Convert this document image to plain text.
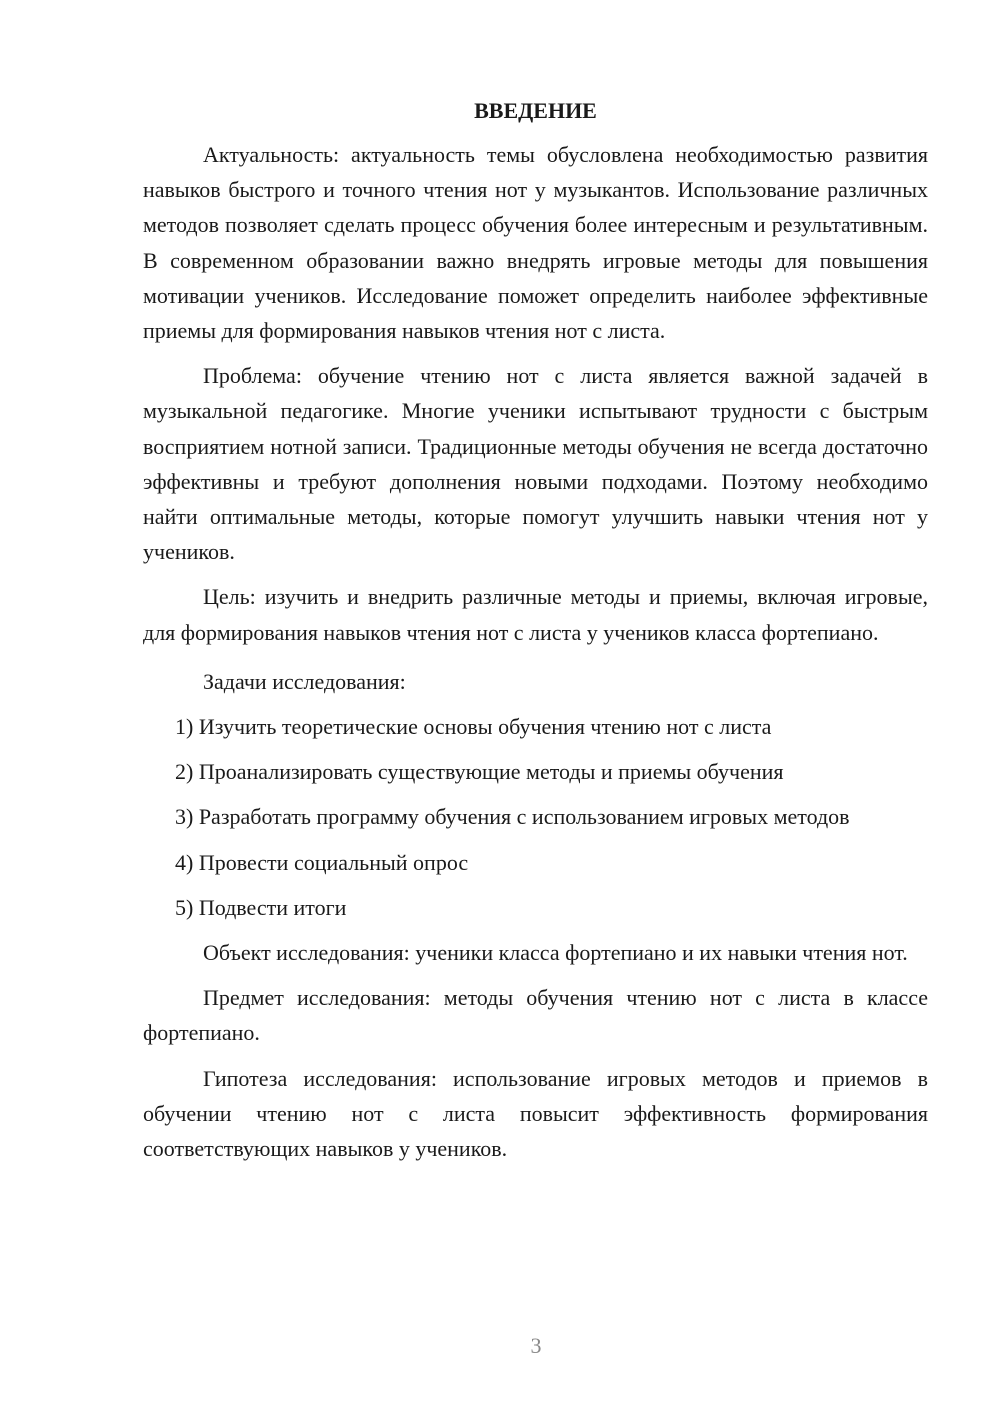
ВВЕДЕНИЕ

Актуальность: актуальность темы обусловлена необходимостью развития навыков быстрого и точного чтения нот у музыкантов. Использование различных методов позволяет сделать процесс обучения более интересным и результативным. В современном образовании важно внедрять игровые методы для повышения мотивации учеников. Исследование поможет определить наиболее эффективные приемы для формирования навыков чтения нот с листа.

Проблема: обучение чтению нот с листа является важной задачей в музыкальной педагогике. Многие ученики испытывают трудности с быстрым восприятием нотной записи. Традиционные методы обучения не всегда достаточно эффективны и требуют дополнения новыми подходами. Поэтому необходимо найти оптимальные методы, которые помогут улучшить навыки чтения нот у учеников.

Цель: изучить и внедрить различные методы и приемы, включая игровые, для формирования навыков чтения нот с листа у учеников класса фортепиано.

Задачи исследования:

1) Изучить теоретические основы обучения чтению нот с листа

2) Проанализировать существующие методы и приемы обучения

3) Разработать программу обучения с использованием игровых методов

4) Провести социальный опрос

5) Подвести итоги

Объект исследования: ученики класса фортепиано и их навыки чтения нот.

Предмет исследования: методы обучения чтению нот с листа в классе фортепиано.

Гипотеза исследования: использование игровых методов и приемов в обучении чтению нот с листа повысит эффективность формирования соответствующих навыков у учеников.

3
